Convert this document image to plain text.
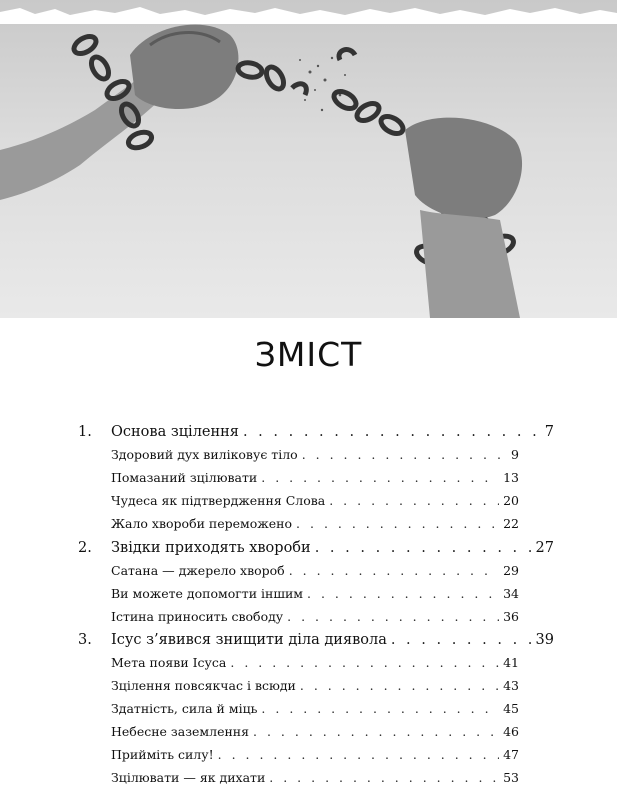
ЗМІСТ
1.	Основа зцілення . . .	7
Здоровий дух виліковує тіло . . .	9
Помазаний зцілювати . . .	13
Чудеса як підтвердження Слова . . .	20
Жало хвороби переможено . . .	22
2.	Звідки приходять хвороби . . .	27
Сатана — джерело хвороб . . .	29
Ви можете допомогти іншим . . .	34
Істина приносить свободу . . .	36
3.	Ісус з’явився знищити діла диявола . . .	39
Мета появи Ісуса . . .	41
Зцілення повсякчас і всюди . . .	43
Здатність, сила й міць . . .	45
Небесне заземлення . . .	46
Прийміть силу! . . .	47
Зцілювати — як дихати . . .	53
